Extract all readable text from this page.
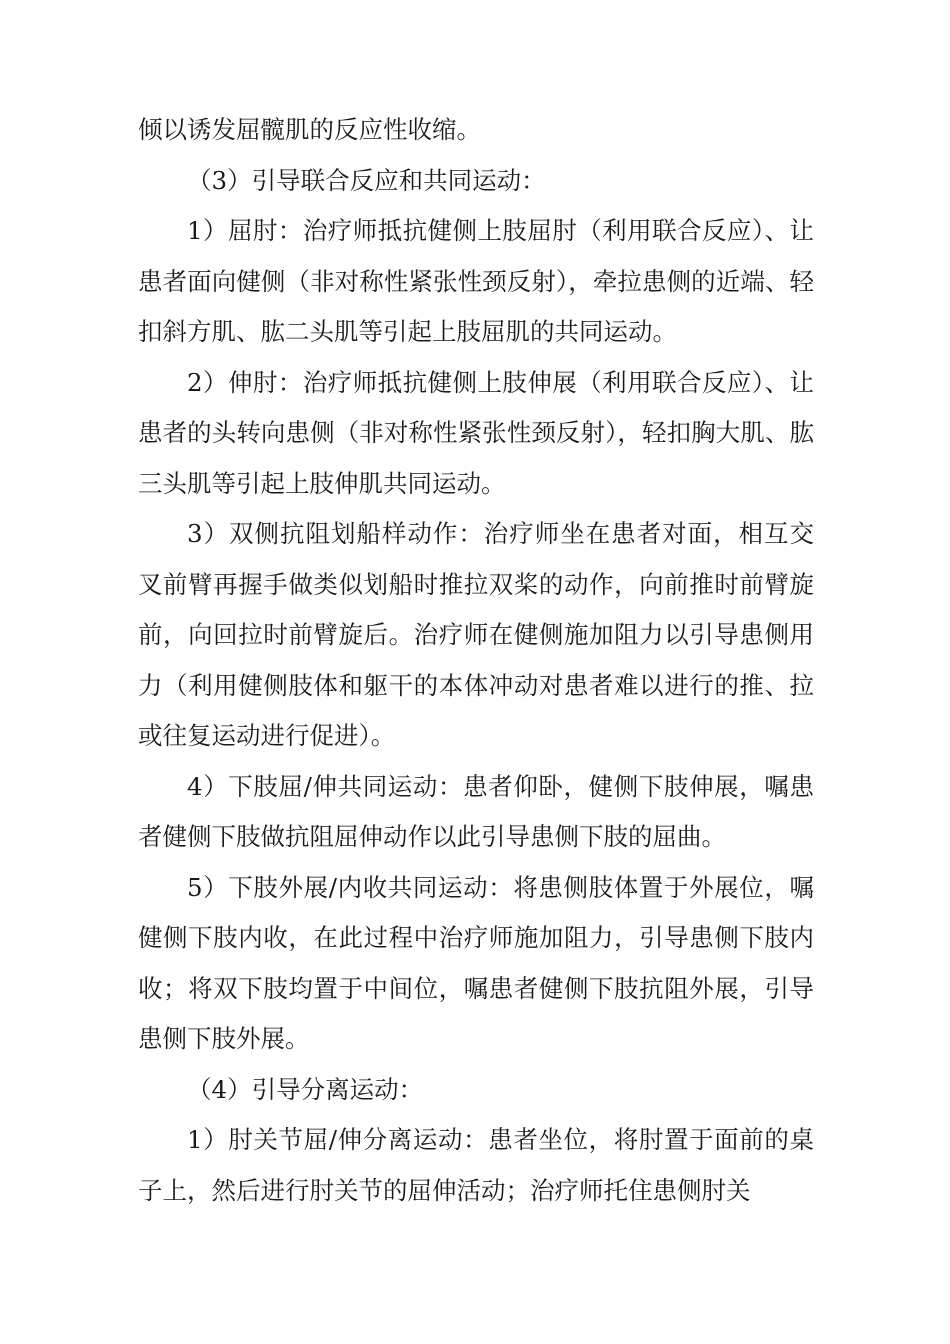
倾以诱发屈髋肌的反应性收缩。

（3）引导联合反应和共同运动：

1）屈肘：治疗师抵抗健侧上肢屈肘（利用联合反应）、让患者面向健侧（非对称性紧张性颈反射），牵拉患侧的近端、轻扣斜方肌、肱二头肌等引起上肢屈肌的共同运动。

2）伸肘：治疗师抵抗健侧上肢伸展（利用联合反应）、让患者的头转向患侧（非对称性紧张性颈反射），轻扣胸大肌、肱三头肌等引起上肢伸肌共同运动。

3）双侧抗阻划船样动作：治疗师坐在患者对面，相互交叉前臂再握手做类似划船时推拉双桨的动作，向前推时前臂旋前，向回拉时前臂旋后。治疗师在健侧施加阻力以引导患侧用力（利用健侧肢体和躯干的本体冲动对患者难以进行的推、拉或往复运动进行促进）。

4）下肢屈/伸共同运动：患者仰卧，健侧下肢伸展，嘱患者健侧下肢做抗阻屈伸动作以此引导患侧下肢的屈曲。

5）下肢外展/内收共同运动：将患侧肢体置于外展位，嘱健侧下肢内收，在此过程中治疗师施加阻力，引导患侧下肢内收；将双下肢均置于中间位，嘱患者健侧下肢抗阻外展，引导患侧下肢外展。

（4）引导分离运动：

1）肘关节屈/伸分离运动：患者坐位，将肘置于面前的桌子上，然后进行肘关节的屈伸活动；治疗师托住患侧肘关
